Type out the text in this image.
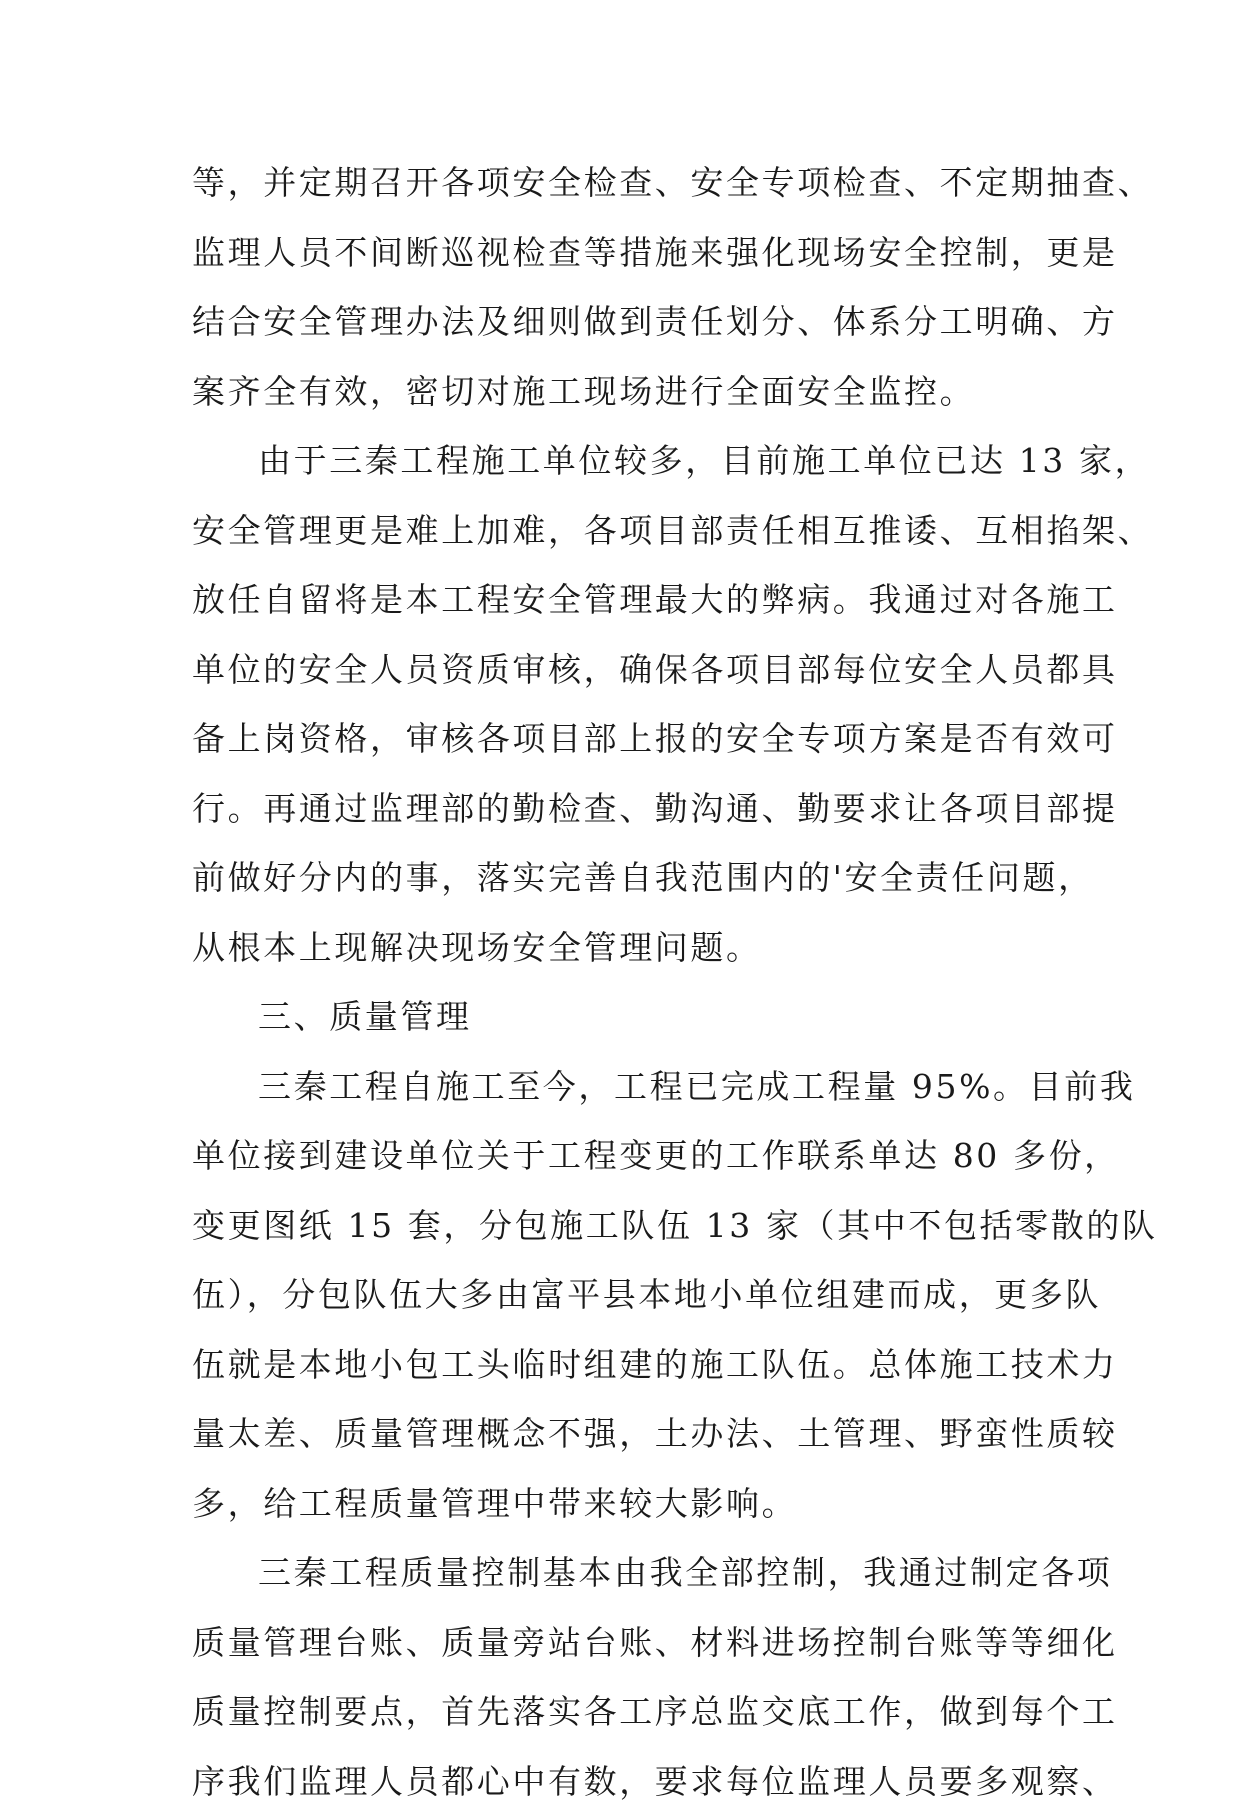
等，并定期召开各项安全检查、安全专项检查、不定期抽查、
监理人员不间断巡视检查等措施来强化现场安全控制，更是
结合安全管理办法及细则做到责任划分、体系分工明确、方
案齐全有效，密切对施工现场进行全面安全监控。
由于三秦工程施工单位较多，目前施工单位已达 13 家，
安全管理更是难上加难，各项目部责任相互推诿、互相掐架、
放任自留将是本工程安全管理最大的弊病。我通过对各施工
单位的安全人员资质审核，确保各项目部每位安全人员都具
备上岗资格，审核各项目部上报的安全专项方案是否有效可
行。再通过监理部的勤检查、勤沟通、勤要求让各项目部提
前做好分内的事，落实完善自我范围内的'安全责任问题，
从根本上现解决现场安全管理问题。
三、质量管理
三秦工程自施工至今，工程已完成工程量 95%。目前我
单位接到建设单位关于工程变更的工作联系单达 80 多份，
变更图纸 15 套，分包施工队伍 13 家（其中不包括零散的队
伍），分包队伍大多由富平县本地小单位组建而成，更多队
伍就是本地小包工头临时组建的施工队伍。总体施工技术力
量太差、质量管理概念不强，土办法、土管理、野蛮性质较
多，给工程质量管理中带来较大影响。
三秦工程质量控制基本由我全部控制，我通过制定各项
质量管理台账、质量旁站台账、材料进场控制台账等等细化
质量控制要点，首先落实各工序总监交底工作，做到每个工
序我们监理人员都心中有数，要求每位监理人员要多观察、
